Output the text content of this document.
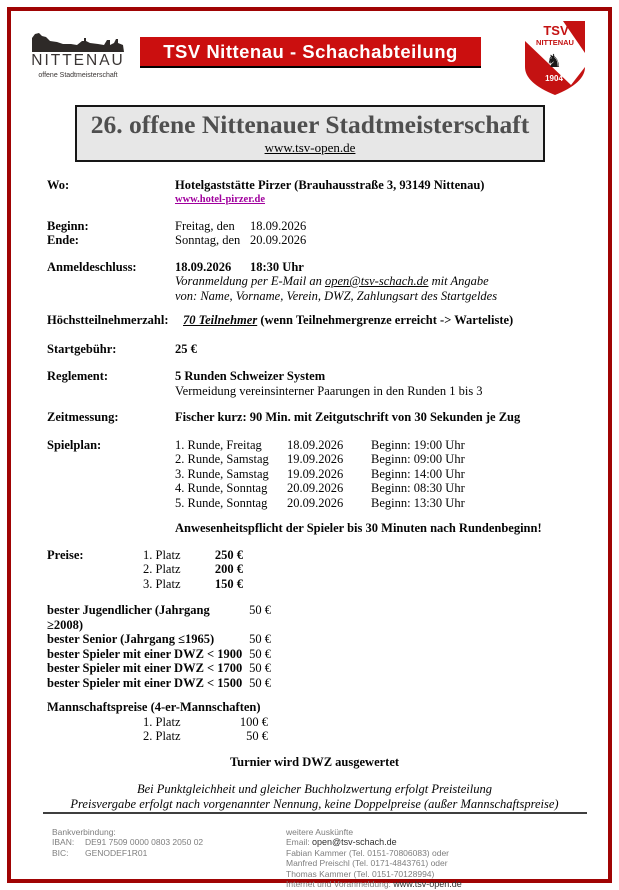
NITTENAU
offene Stadtmeisterschaft
TSV Nittenau - Schachabteilung
TSV
NITTENAU
♞
1904
26. offene Nittenauer Stadtmeisterschaft
www.tsv-open.de
Wo:	Hotelgaststätte Pirzer (Brauhausstraße 3, 93149 Nittenau)
www.hotel-pirzer.de
Beginn:	Freitag, den	18.09.2026
Ende:	Sonntag, den 20.09.2026
Anmeldeschluss:	18.09.2026	18:30 Uhr
Voranmeldung per E-Mail an open@tsv-schach.de mit Angabe
von: Name, Vorname, Verein, DWZ, Zahlungsart des Startgeldes
Höchstteilnehmerzahl:	70 Teilnehmer (wenn Teilnehmergrenze erreicht -> Warteliste)
Startgebühr:	25 €
Reglement:	5 Runden Schweizer System
Vermeidung vereinsinterner Paarungen in den Runden 1 bis 3
Zeitmessung:	Fischer kurz: 90 Min. mit Zeitgutschrift von 30 Sekunden je Zug
Spielplan:	1. Runde, Freitag	18.09.2026	Beginn: 19:00 Uhr
2. Runde, Samstag	19.09.2026	Beginn: 09:00 Uhr
3. Runde, Samstag	19.09.2026	Beginn: 14:00 Uhr
4. Runde, Sonntag	20.09.2026	Beginn: 08:30 Uhr
5. Runde, Sonntag	20.09.2026	Beginn: 13:30 Uhr
Anwesenheitspflicht der Spieler bis 30 Minuten nach Rundenbeginn!
Preise:	1. Platz	250 €
2. Platz	200 €
3. Platz	150 €
bester Jugendlicher (Jahrgang ≥2008)
50 €
bester Senior (Jahrgang ≤1965)	50 €
bester Spieler mit einer DWZ < 1900 50 €
bester Spieler mit einer DWZ < 1700 50 €
bester Spieler mit einer DWZ < 1500 50 €
Mannschaftspreise (4-er-Mannschaften)
1. Platz	100 €
2. Platz	50 €
Turnier wird DWZ ausgewertet
Bei Punktgleichheit und gleicher Buchholzwertung erfolgt Preisteilung
Preisvergabe erfolgt nach vorgenannter Nennung, keine Doppelpreise (außer Mannschaftspreise)
Bankverbindung:
IBAN:	DE91 7509 0000 0803 2050 02
BIC:	GENODEF1R01
weitere Auskünfte
Email: open@tsv-schach.de
Fabian Kammer (Tel. 0151-70806083) oder
Manfred Preischl (Tel. 0171-4843761) oder
Thomas Kammer (Tel. 0151-70128994)
Internet und Voranmeldung: www.tsv-open.de
